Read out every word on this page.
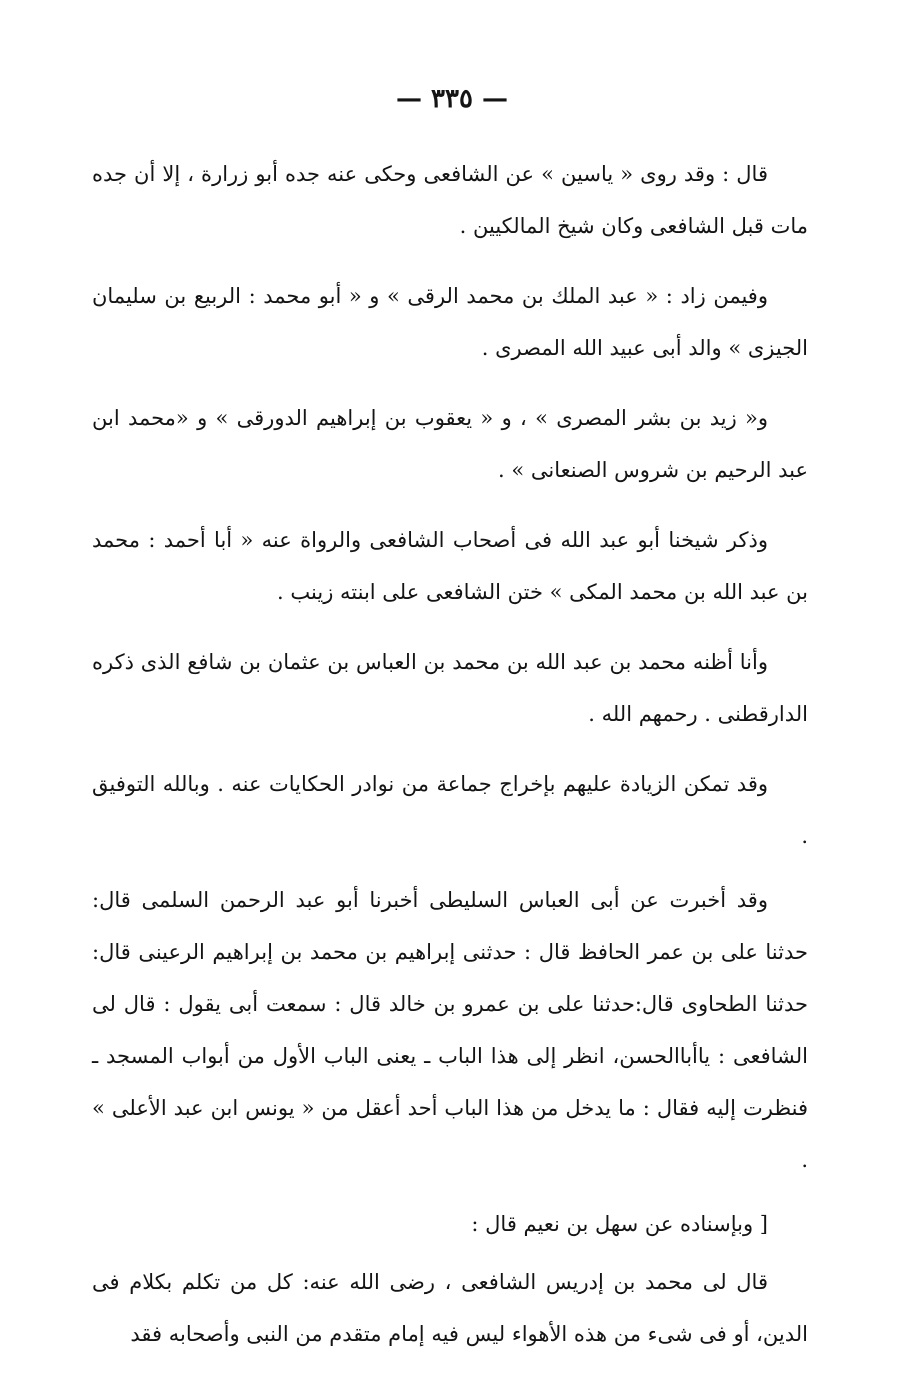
— ٣٣٥ —

قال : وقد روى « ياسين » عن الشافعى وحكى عنه جده أبو زرارة ، إلا أن جده مات قبل الشافعى وكان شيخ المالكيين .

وفيمن زاد : « عبد الملك بن محمد الرقى » و « أبو محمد : الربيع بن سليمان الجيزى » والد أبى عبيد الله المصرى .

و« زيد بن بشر المصرى » ، و « يعقوب بن إبراهيم الدورقى » و «محمد ابن عبد الرحيم بن شروس الصنعانى » .

وذكر شيخنا أبو عبد الله فى أصحاب الشافعى والرواة عنه « أبا أحمد : محمد بن عبد الله بن محمد المكى » ختن الشافعى على ابنته زينب .

وأنا أظنه محمد بن عبد الله بن محمد بن العباس بن عثمان بن شافع الذى ذكره الدارقطنى . رحمهم الله .

وقد تمكن الزيادة عليهم بإخراج جماعة من نوادر الحكايات عنه . وبالله التوفيق .

وقد أخبرت عن أبى العباس السليطى أخبرنا أبو عبد الرحمن السلمى قال: حدثنا على بن عمر الحافظ قال : حدثنى إبراهيم بن محمد بن إبراهيم الرعينى قال: حدثنا الطحاوى قال:حدثنا على بن عمرو بن خالد قال : سمعت أبى يقول : قال لى الشافعى : ياأباالحسن، انظر إلى هذا الباب ـ يعنى الباب الأول من أبواب المسجد ـ فنظرت إليه فقال : ما يدخل من هذا الباب أحد أعقل من « يونس ابن عبد الأعلى » .

[ وبإسناده عن سهل بن نعيم قال :

قال لى محمد بن إدريس الشافعى ، رضى الله عنه: كل من تكلم بكلام فى الدين، أو فى شىء من هذه الأهواء ليس فيه إمام متقدم من النبى وأصحابه فقد
